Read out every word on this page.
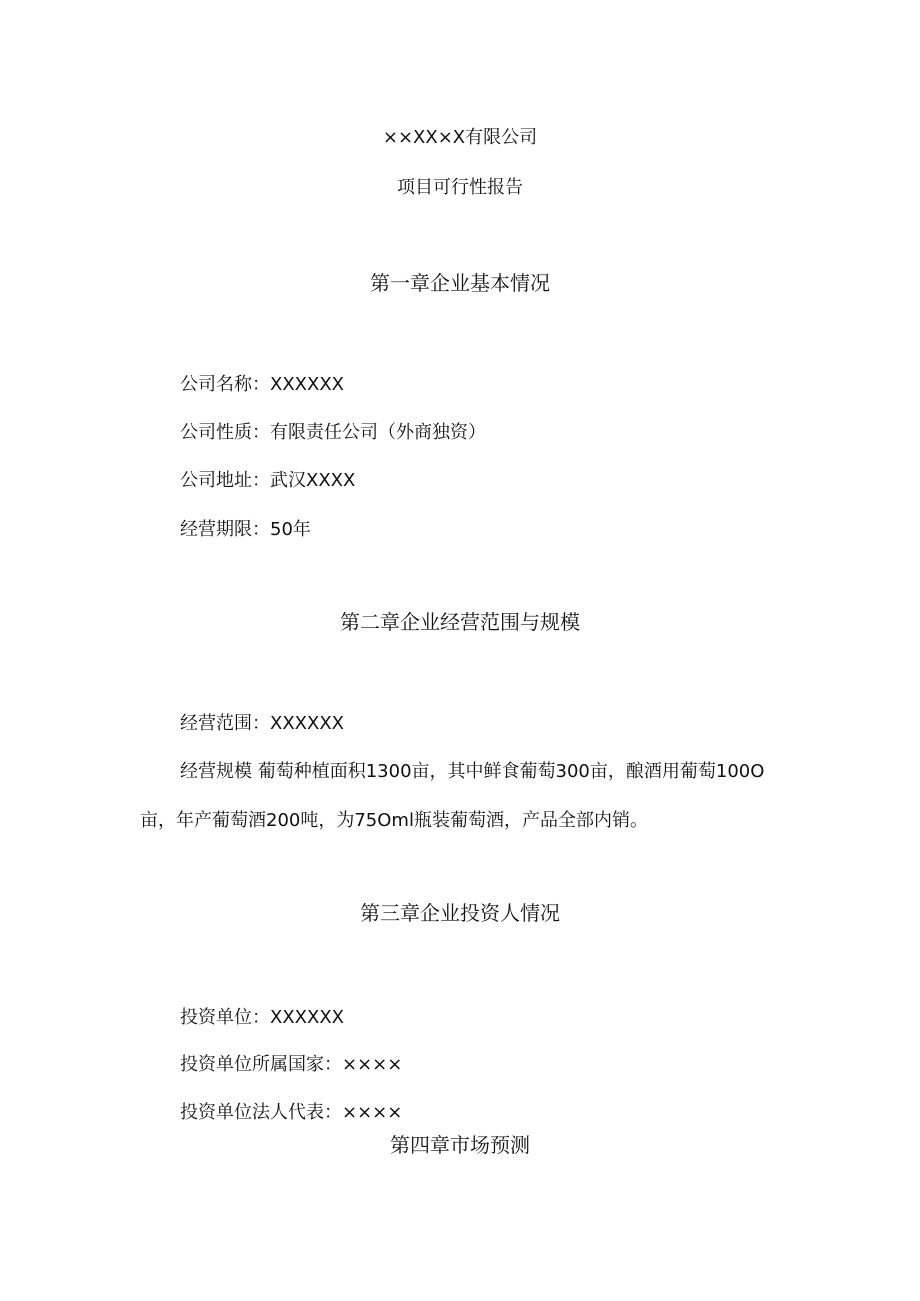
××XX×X有限公司
项目可行性报告
第一章企业基本情况
公司名称：XXXXXX
公司性质：有限责任公司（外商独资）
公司地址：武汉XXXX
经营期限：50年
第二章企业经营范围与规模
经营范围：XXXXXX
经营规模 葡萄种植面积1300亩，其中鲜食葡萄300亩，酿酒用葡萄100O
亩，年产葡萄酒200吨，为75Oml瓶装葡萄酒，产品全部内销。
第三章企业投资人情况
投资单位：XXXXXX
投资单位所属国家：××××
投资单位法人代表：××××
第四章市场预测
